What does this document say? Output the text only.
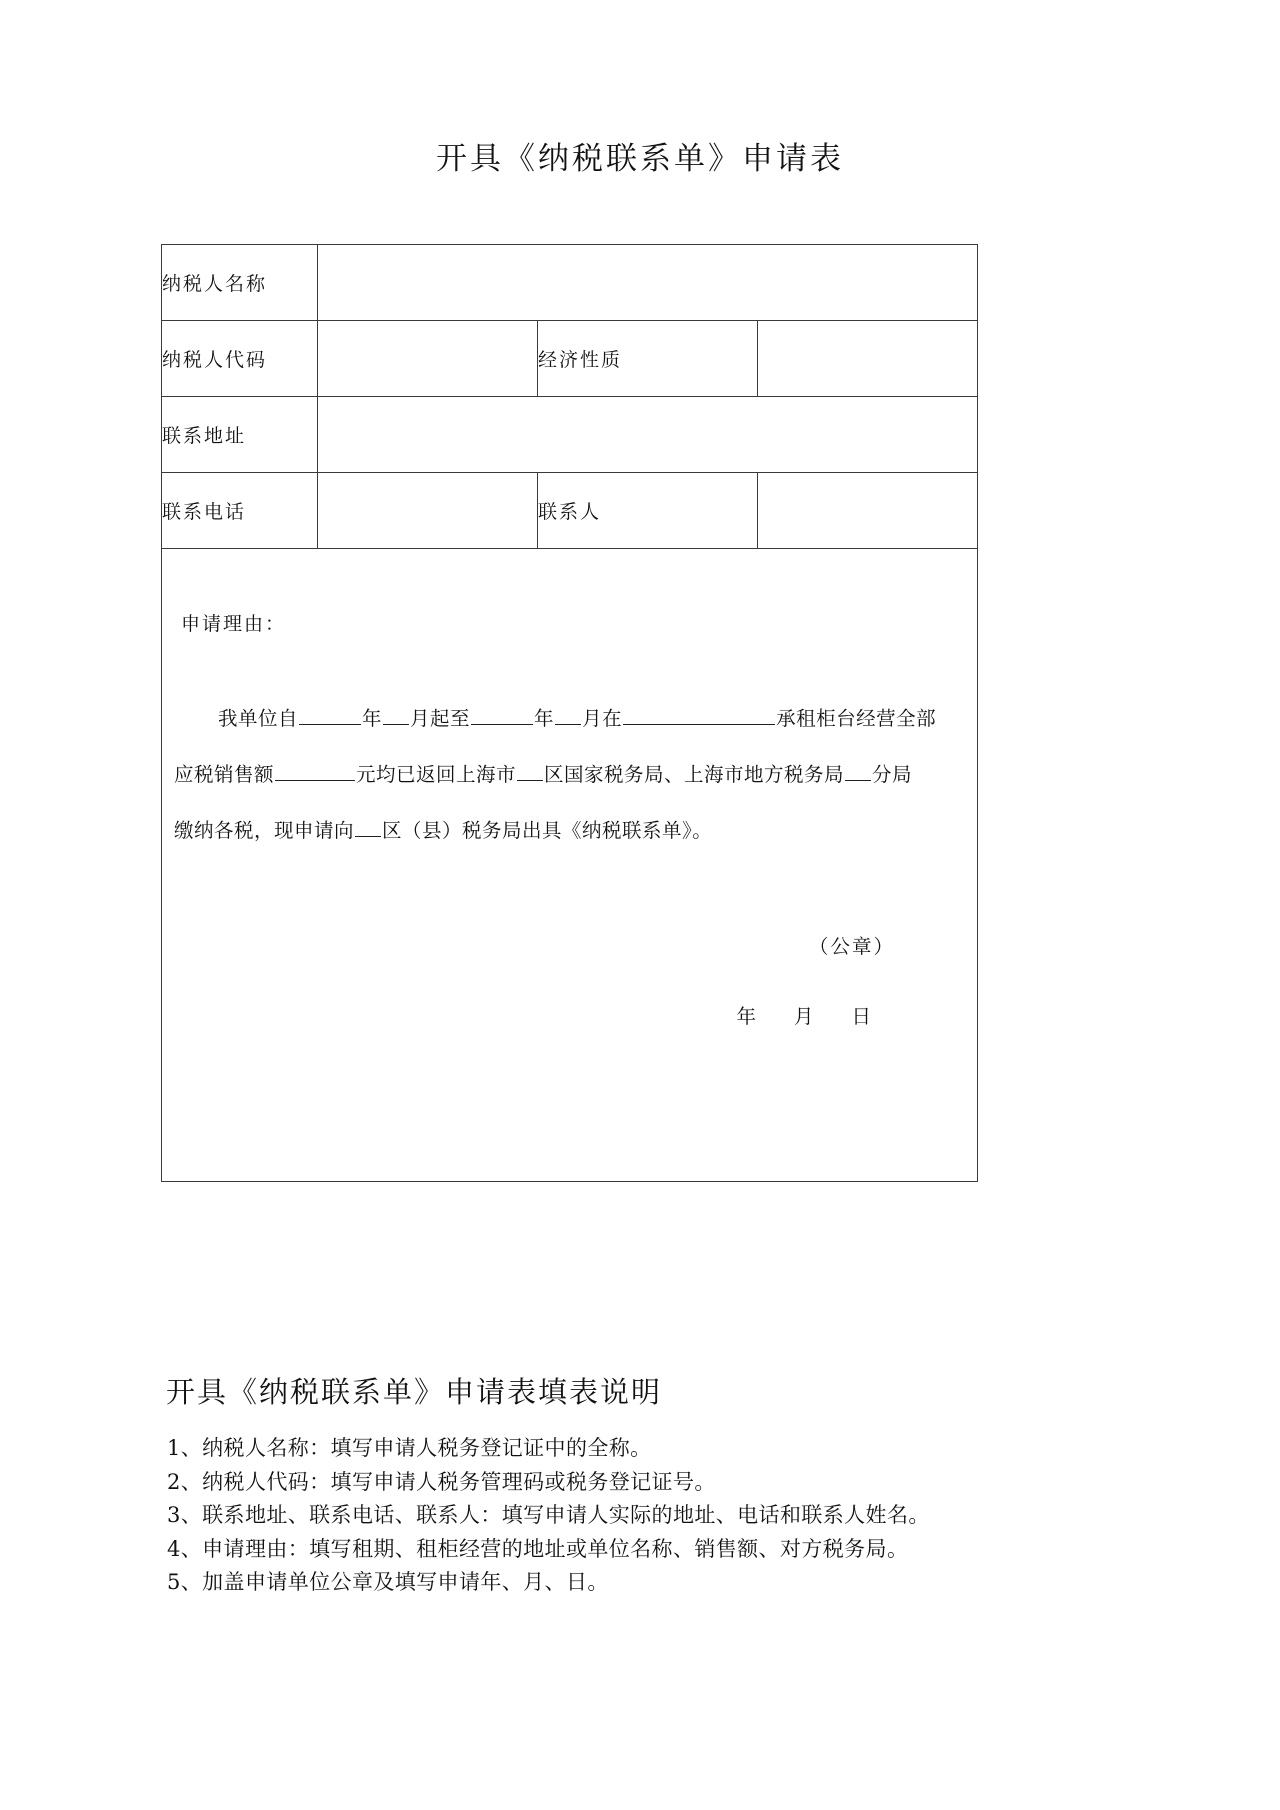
开具《纳税联系单》申请表
纳税人名称			
纳税人代码		经济性质	
联系地址			
联系电话		联系人	

申请理由：

我单位自	年 月起至	年 月在	承租柜台经营全部

应税销售额	元均已返回上海市 区国家税务局、上海市地方税务局 分局

缴纳各税，现申请向 区（县）税务局出具《纳税联系单》。

（公章）
年 月 日
开具《纳税联系单》申请表填表说明
1、纳税人名称：填写申请人税务登记证中的全称。
2、纳税人代码：填写申请人税务管理码或税务登记证号。
3、联系地址、联系电话、联系人：填写申请人实际的地址、电话和联系人姓名。
4、申请理由：填写租期、租柜经营的地址或单位名称、销售额、对方税务局。
5、加盖申请单位公章及填写申请年、月、日。
